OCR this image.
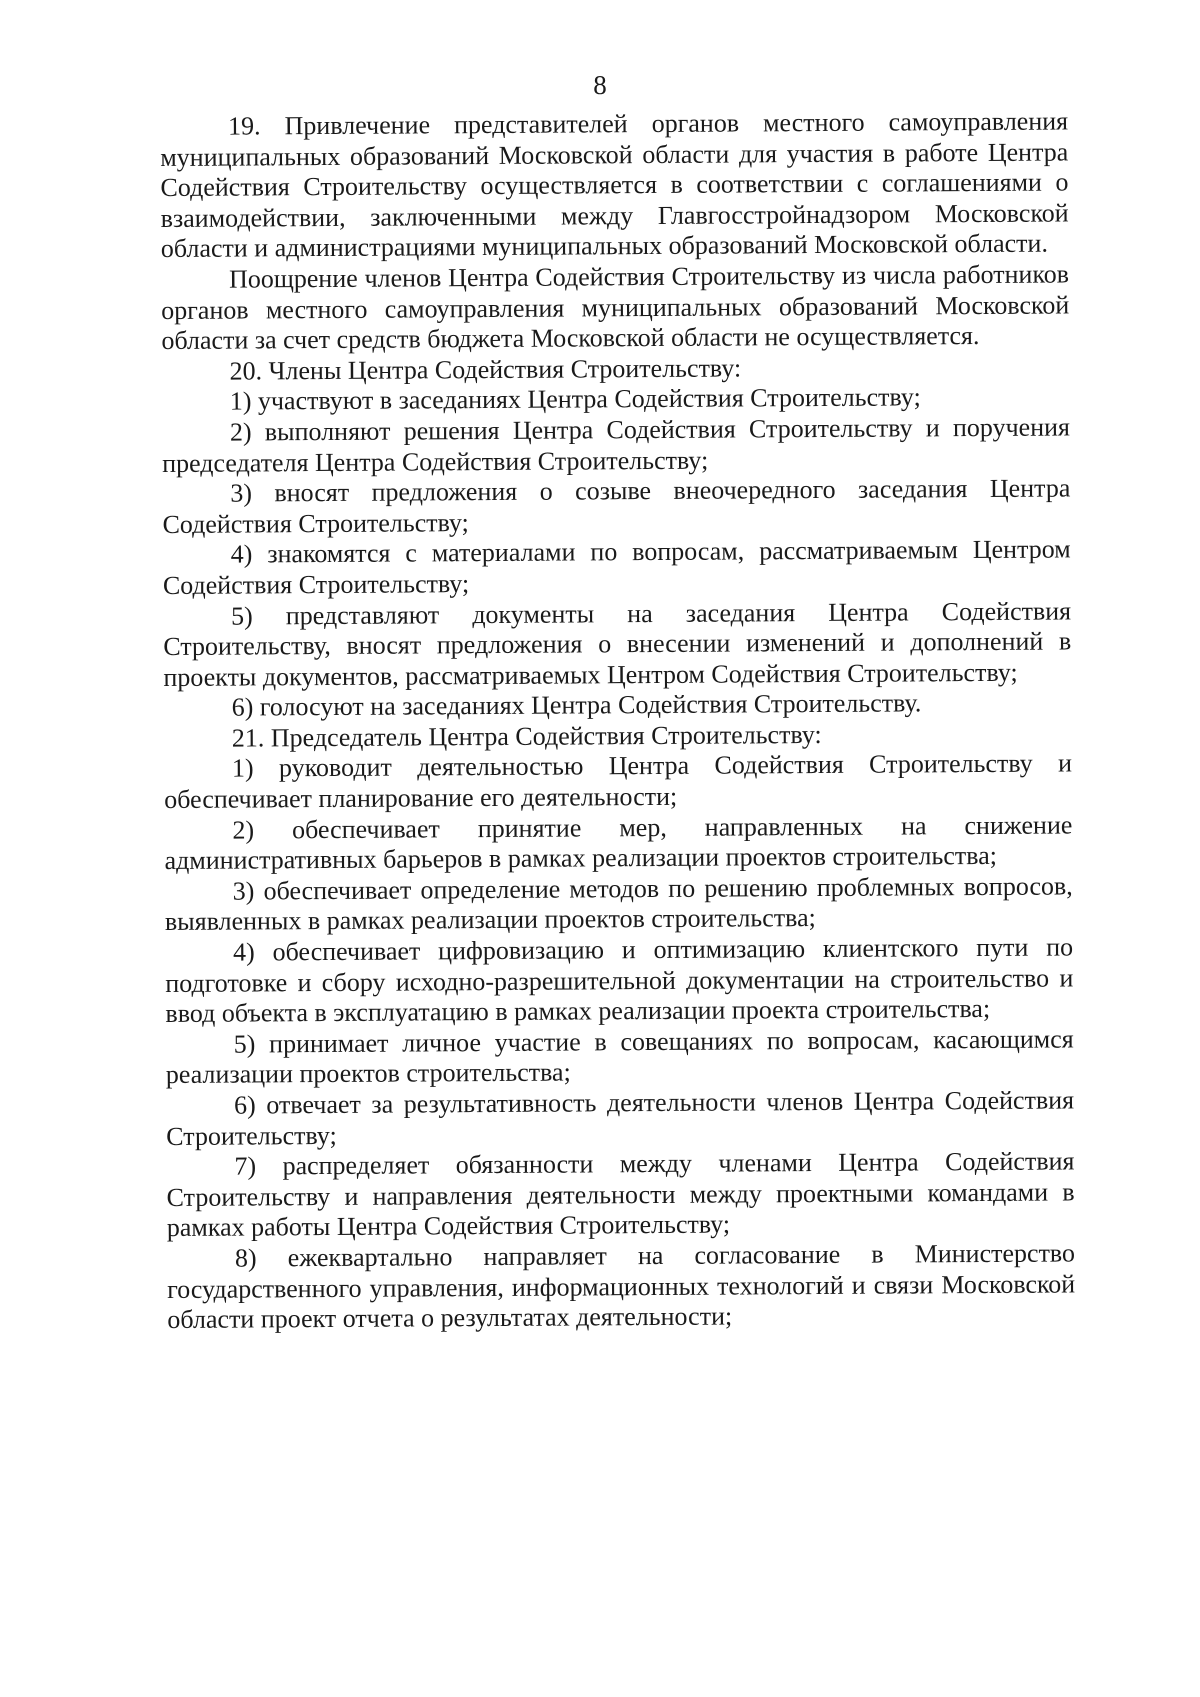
8

19. Привлечение представителей органов местного самоуправления муниципальных образований Московской области для участия в работе Центра Содействия Строительству осуществляется в соответствии с соглашениями о взаимодействии, заключенными между Главгосстройнадзором Московской области и администрациями муниципальных образований Московской области.

Поощрение членов Центра Содействия Строительству из числа работников органов местного самоуправления муниципальных образований Московской области за счет средств бюджета Московской области не осуществляется.

20. Члены Центра Содействия Строительству:

1) участвуют в заседаниях Центра Содействия Строительству;

2) выполняют решения Центра Содействия Строительству и поручения председателя Центра Содействия Строительству;

3) вносят предложения о созыве внеочередного заседания Центра Содействия Строительству;

4) знакомятся с материалами по вопросам, рассматриваемым Центром Содействия Строительству;

5) представляют документы на заседания Центра Содействия Строительству, вносят предложения о внесении изменений и дополнений в проекты документов, рассматриваемых Центром Содействия Строительству;

6) голосуют на заседаниях Центра Содействия Строительству.

21. Председатель Центра Содействия Строительству:

1) руководит деятельностью Центра Содействия Строительству и обеспечивает планирование его деятельности;

2) обеспечивает принятие мер, направленных на снижение административных барьеров в рамках реализации проектов строительства;

3) обеспечивает определение методов по решению проблемных вопросов, выявленных в рамках реализации проектов строительства;

4) обеспечивает цифровизацию и оптимизацию клиентского пути по подготовке и сбору исходно-разрешительной документации на строительство и ввод объекта в эксплуатацию в рамках реализации проекта строительства;

5) принимает личное участие в совещаниях по вопросам, касающимся реализации проектов строительства;

6) отвечает за результативность деятельности членов Центра Содействия Строительству;

7) распределяет обязанности между членами Центра Содействия Строительству и направления деятельности между проектными командами в рамках работы Центра Содействия Строительству;

8) ежеквартально направляет на согласование в Министерство государственного управления, информационных технологий и связи Московской области проект отчета о результатах деятельности;
